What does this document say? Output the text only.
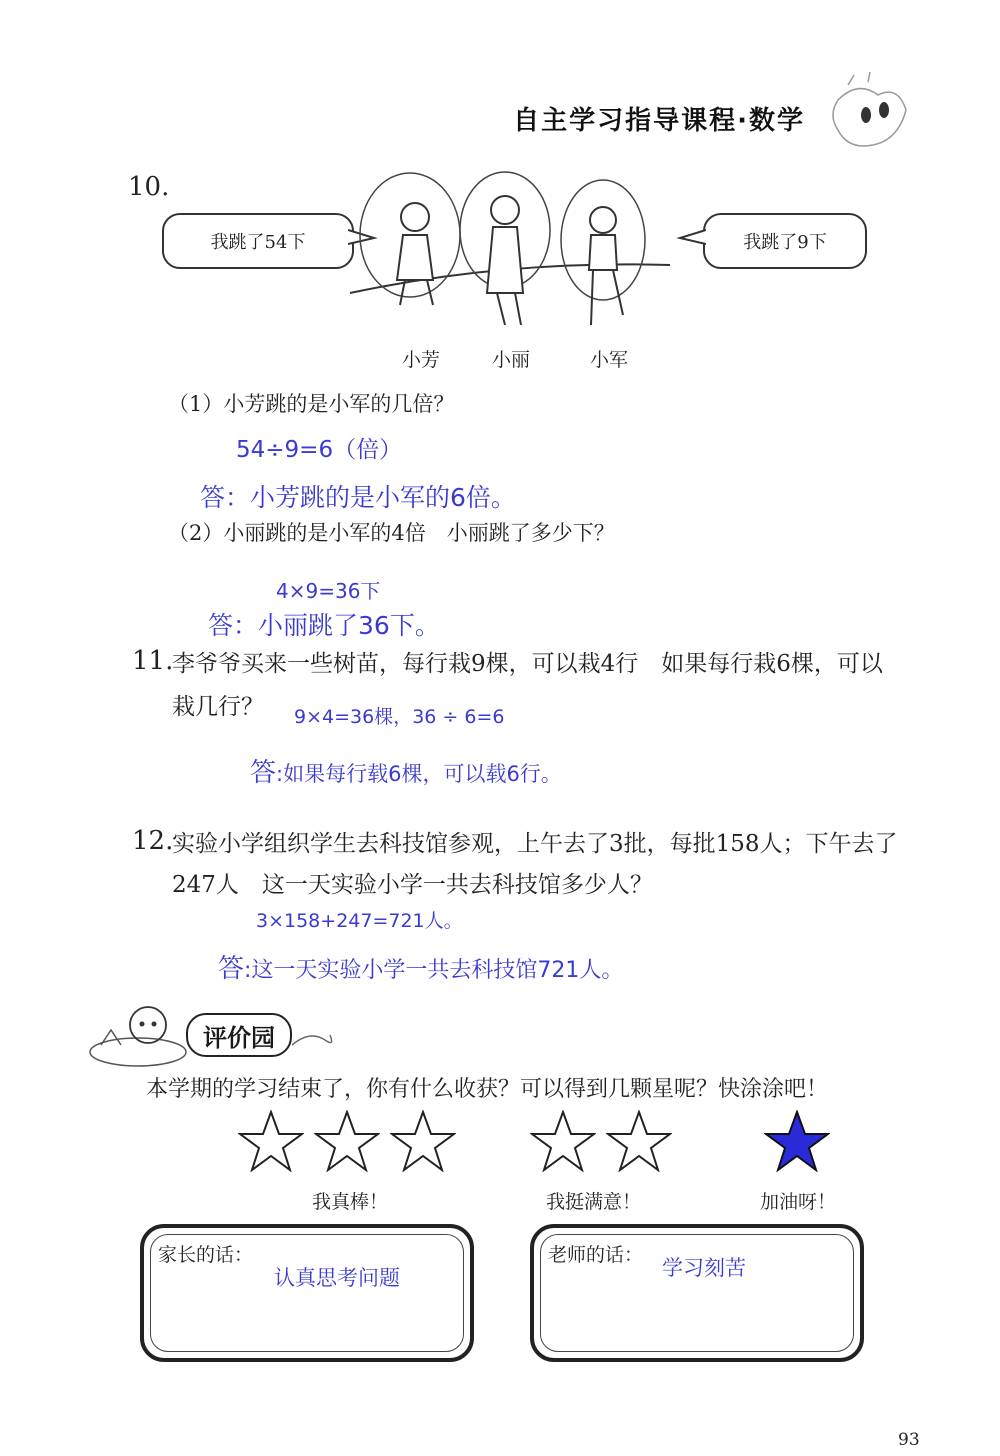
自主学习指导课程·数学
10.
我跳了54下	我跳了9下
小芳	小丽	小军
（1）小芳跳的是小军的几倍？
54÷9=6（倍）
答：小芳跳的是小军的6倍。
（2）小丽跳的是小军的4倍　小丽跳了多少下？
4×9=36下
答：小丽跳了36下。
11.
李爷爷买来一些树苗，每行栽9棵，可以栽4行　如果每行栽6棵，可以
栽几行？ 9×4=36棵，36 ÷ 6=6
答:如果每行载6棵，可以载6行。
12.
实验小学组织学生去科技馆参观，上午去了3批，每批158人；下午去了
247人　这一天实验小学一共去科技馆多少人？
3×158+247=721人。
答:这一天实验小学一共去科技馆721人。
评价园
本学期的学习结束了，你有什么收获？可以得到几颗星呢？快涂涂吧！
我真棒！	我挺满意！	加油呀！
家长的话：
认真思考问题
老师的话：
学习刻苦
93
